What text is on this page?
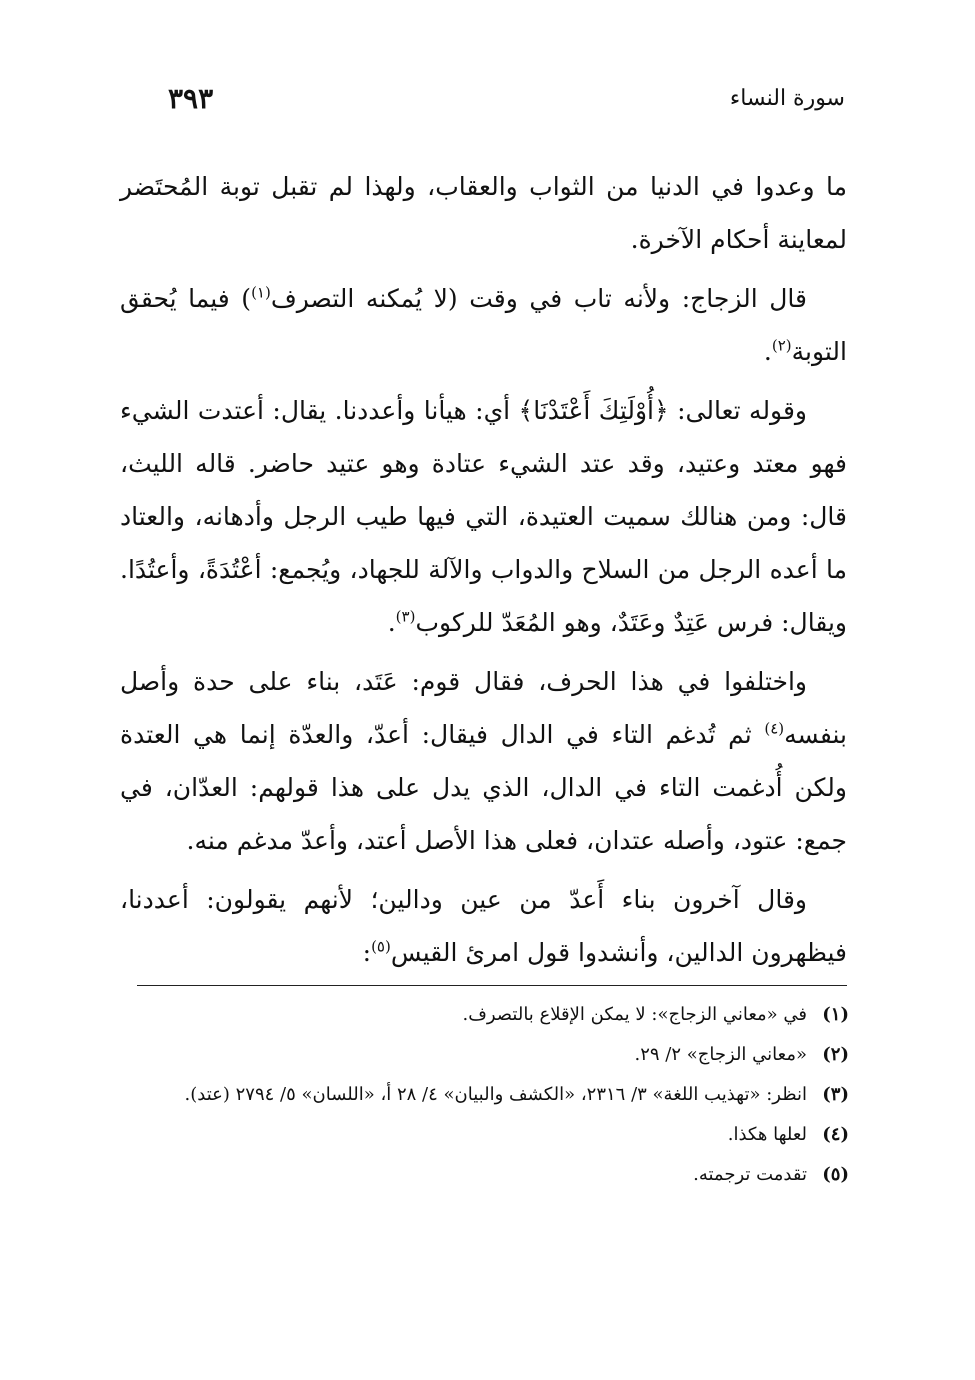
سورة النساء
٣٩٣

ما وعدوا في الدنيا من الثواب والعقاب، ولهذا لم تقبل توبة المُحتَضر لمعاينة أحكام الآخرة.

قال الزجاج: ولأنه تاب في وقت (لا يُمكنه التصرف$^{(١)}$) فيما يُحقق التوبة$^{(٢)}$.

وقوله تعالى: ﴿أُوْلَتِكَ أَعْتَدْنَا﴾ أي: هيأنا وأعددنا. يقال: أعتدت الشيء فهو معتد وعتيد، وقد عتد الشيء عتادة وهو عتيد حاضر. قاله الليث، قال: ومن هنالك سميت العتيدة، التي فيها طيب الرجل وأدهانه، والعتاد ما أعده الرجل من السلاح والدواب والآلة للجهاد، ويُجمع: أعْتُدَةً، وأعتُدًا. ويقال: فرس عَتِدٌ وعَتَدٌ، وهو المُعَدّ للركوب$^{(٣)}$.

واختلفوا في هذا الحرف، فقال قوم: عَتَد، بناء على حدة وأصل بنفسه$^{(٤)}$ ثم تُدغم التاء في الدال فيقال: أعدّ، والعدّة إنما هي العتدة ولكن أُدغمت التاء في الدال، الذي يدل على هذا قولهم: العدّان، في جمع: عتود، وأصله عتدان، فعلى هذا الأصل أعتد، وأعدّ مدغم منه.

وقال آخرون بناء أَعدّ من عين ودالين؛ لأنهم يقولون: أعددنا، فيظهرون الدالين، وأنشدوا قول امرئ القيس$^{(٥)}$:

(١)
في «معاني الزجاج»: لا يمكن الإقلاع بالتصرف.
(٢)
«معاني الزجاج» ٢/ ٢٩.
(٣)
انظر: «تهذيب اللغة» ٣/ ٢٣١٦، «الكشف والبيان» ٤/ ٢٨ أ، «اللسان» ٥/ ٢٧٩٤ (عتد).
(٤)
لعلها هكذا.
(٥)
تقدمت ترجمته.
